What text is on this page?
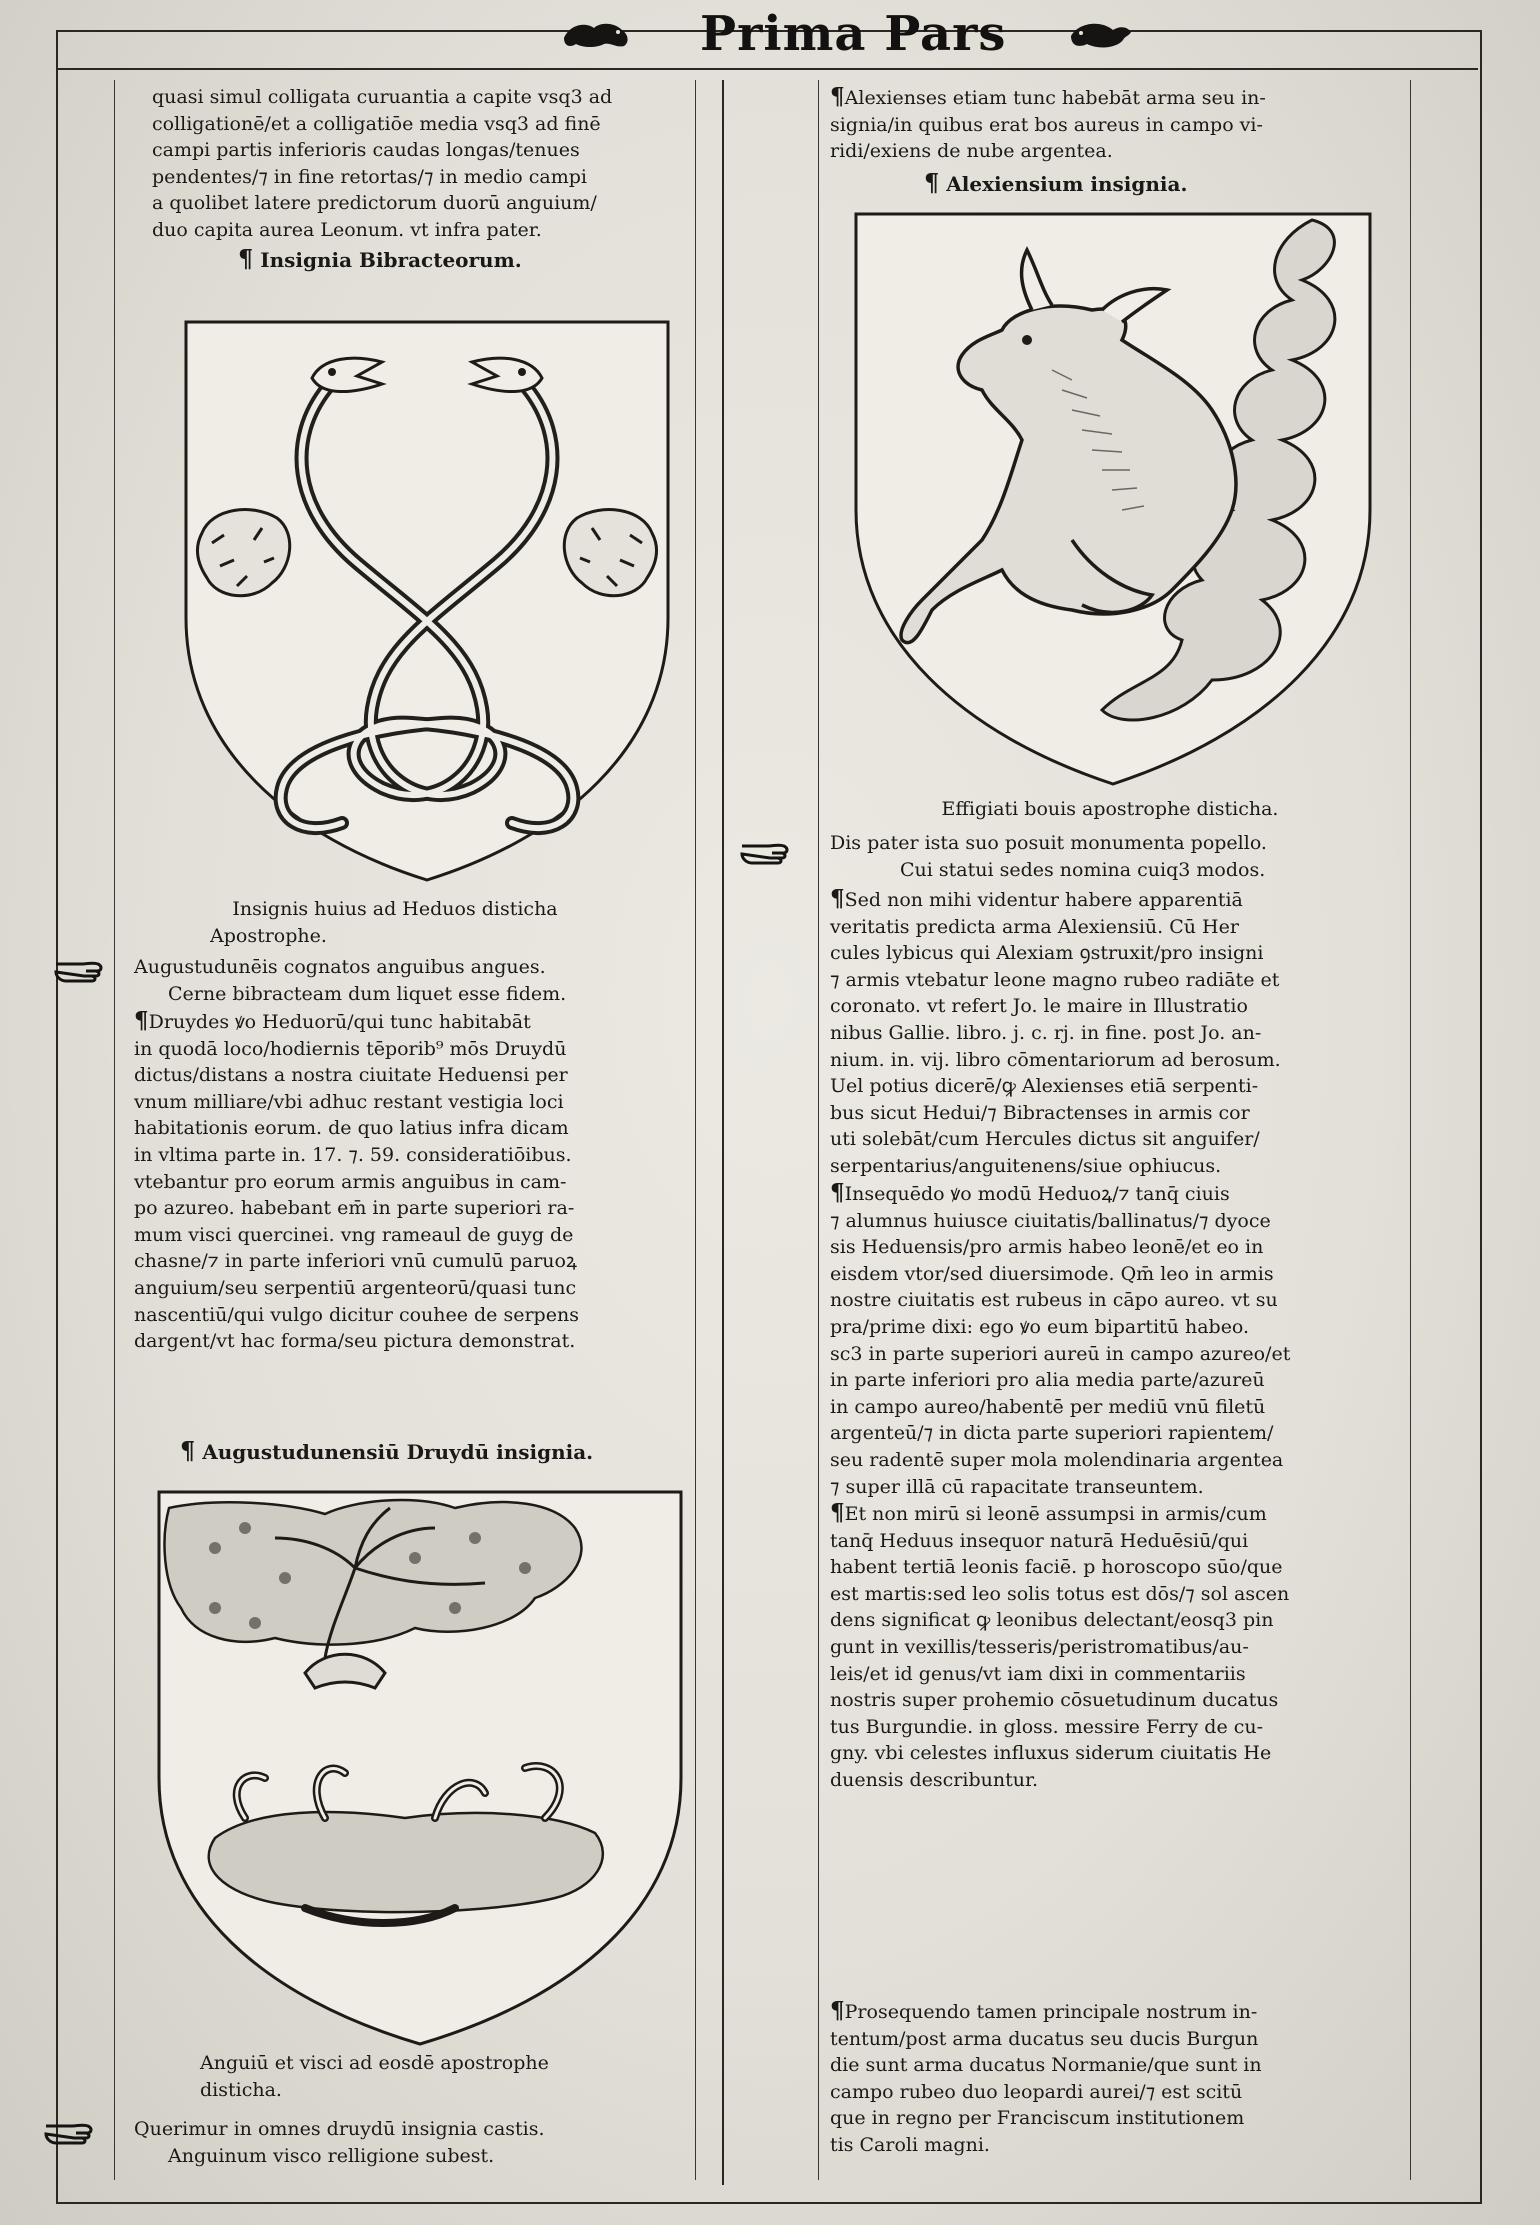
Prima Pars

quasi simul colligata curuantia a capite vsq3 ad

colligationē/et a colligatiōe media vsq3 ad finē

campi partis inferioris caudas longas/tenues

pendentes/⁊ in fine retortas/⁊ in medio campi

a quolibet latere predictorum duorū anguium/

duo capita aurea Leonum. vt infra pater.

¶ Insignia Bibracteorum.

Insignis huius ad Heduos disticha

Apostrophe.

Augustudunēis cognatos anguibus angues.

Cerne bibracteam dum liquet esse fidem.

¶Druydes ꝟo Heduorū/qui tunc habitabāt

in quodā loco/hodiernis tēporib⁹ mōs Druydū

dictus/distans a nostra ciuitate Heduensi per

vnum milliare/vbi adhuc restant vestigia loci

habitationis eorum. de quo latius infra dicam

in vltima parte in. 17. ⁊. 59. consideratiōibus.

vtebantur pro eorum armis anguibus in cam-

po azureo. habebant em̄ in parte superiori ra-

mum visci quercinei. vng rameaul de guyg de

chasne/⁊ in parte inferiori vnū cumulū paruoꝝ

anguium/seu serpentiū argenteorū/quasi tunc

nascentiū/qui vulgo dicitur couhee de serpens

dargent/vt hac forma/seu pictura demonstrat.

¶ Augustudunensiū Druydū insignia.

Anguiū et visci ad eosdē apostrophe

disticha.

Querimur in omnes druydū insignia castis.

Anguinum visco relligione subest.

¶Alexienses etiam tunc habebāt arma seu in-

signia/in quibus erat bos aureus in campo vi-

ridi/exiens de nube argentea.

¶ Alexiensium insignia.

Effigiati bouis apostrophe disticha.

Dis pater ista suo posuit monumenta popello.

Cui statui sedes nomina cuiq3 modos.

¶Sed non mihi videntur habere apparentiā

veritatis predicta arma Alexiensiū. Cū Her

cules lybicus qui Alexiam ꝯstruxit/pro insigni

⁊ armis vtebatur leone magno rubeo radiāte et

coronato. vt refert Jo. le maire in Illustratio

nibus Gallie. libro. j. c. rj. in fine. post Jo. an-

nium. in. vij. libro cōmentariorum ad berosum.

Uel potius dicerē/ꝙ Alexienses etiā serpenti-

bus sicut Hedui/⁊ Bibractenses in armis cor

uti solebāt/cum Hercules dictus sit anguifer/

serpentarius/anguitenens/siue ophiucus.

¶Insequēdo ꝟo modū Heduoꝝ/⁊ tanq̄ ciuis

⁊ alumnus huiusce ciuitatis/ballinatus/⁊ dyoce

sis Heduensis/pro armis habeo leonē/et eo in

eisdem vtor/sed diuersimode. Qm̄ leo in armis

nostre ciuitatis est rubeus in cāpo aureo. vt su

pra/prime dixi: ego ꝟo eum bipartitū habeo.

sc3 in parte superiori aureū in campo azureo/et

in parte inferiori pro alia media parte/azureū

in campo aureo/habentē per mediū vnū filetū

argenteū/⁊ in dicta parte superiori rapientem/

seu radentē super mola molendinaria argentea

⁊ super illā cū rapacitate transeuntem.

¶Et non mirū si leonē assumpsi in armis/cum

tanq̄ Heduus insequor naturā Heduēsiū/qui

habent tertiā leonis faciē. p horoscopo sūo/que

est martis:sed leo solis totus est dōs/⁊ sol ascen

dens significat ꝙ leonibus delectant/eosq3 pin

gunt in vexillis/tesseris/peristromatibus/au-

leis/et id genus/vt iam dixi in commentariis

nostris super prohemio cōsuetudinum ducatus

tus Burgundie. in gloss. messire Ferry de cu-

gny. vbi celestes influxus siderum ciuitatis He

duensis describuntur.

¶Prosequendo tamen principale nostrum in-

tentum/post arma ducatus seu ducis Burgun

die sunt arma ducatus Normanie/que sunt in

campo rubeo duo leopardi aurei/⁊ est scitū

que in regno per Franciscum institutionem

tis Caroli magni.
